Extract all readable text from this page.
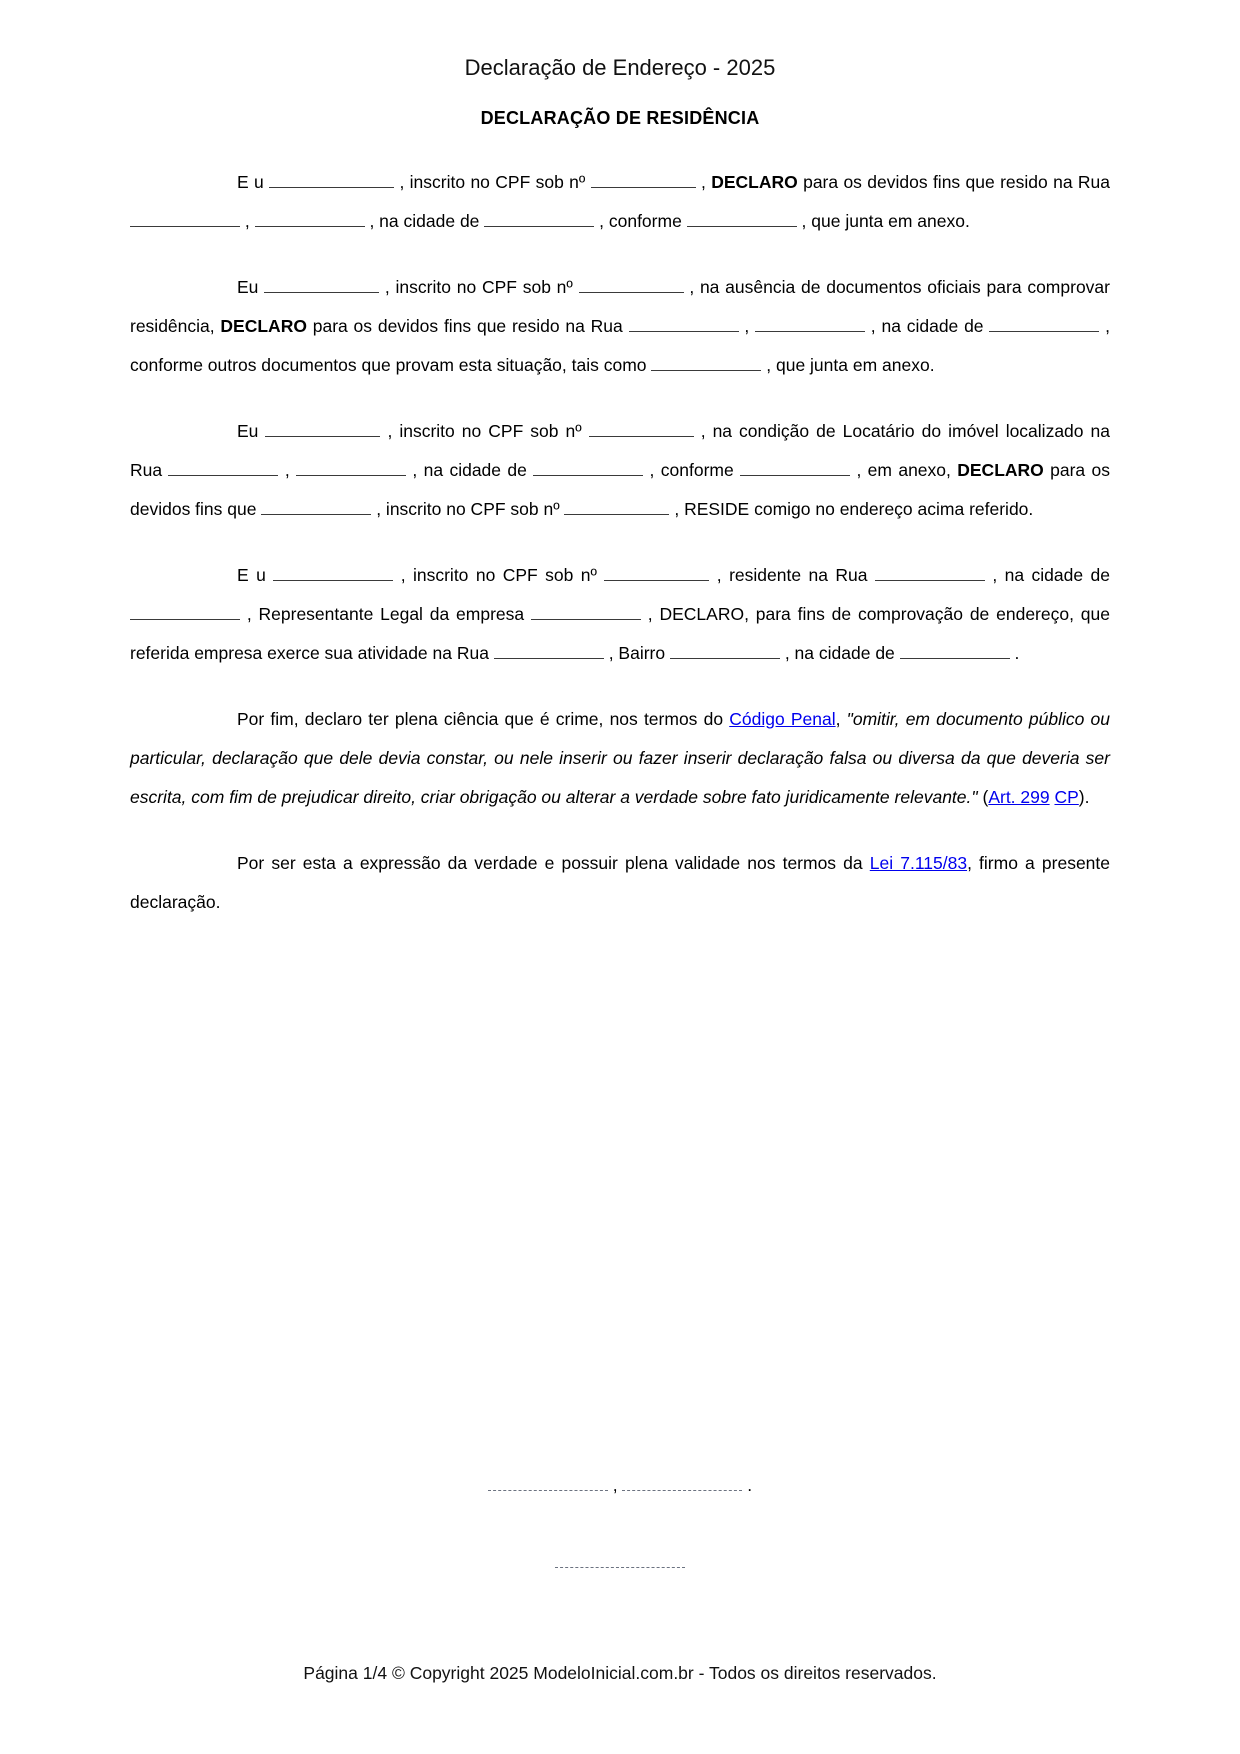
Declaração de Endereço - 2025
DECLARAÇÃO DE RESIDÊNCIA

E u	, inscrito no CPF sob nº	, DECLARO para os devidos fins que resido na Rua  ,	, na cidade de	, conforme	, que junta em anexo.

Eu	, inscrito no CPF sob nº	, na ausência de documentos oficiais para comprovar residência, DECLARO para os devidos fins que resido na Rua	,	, na cidade de	, conforme outros documentos que provam esta situação, tais como	, que junta em anexo.

Eu	, inscrito no CPF sob nº	, na condição de Locatário do imóvel localizado na Rua	,	, na cidade de	, conforme	, em anexo, DECLARO para os devidos fins que	, inscrito no CPF sob nº	, RESIDE comigo no endereço acima referido.

E u	, inscrito no CPF sob nº	, residente na Rua	, na cidade de  , Representante Legal da empresa	, DECLARO, para fins de comprovação de endereço, que referida empresa exerce sua atividade na Rua	, Bairro	, na cidade de	.

Por fim, declaro ter plena ciência que é crime, nos termos do Código Penal, "omitir, em documento público ou particular, declaração que dele devia constar, ou nele inserir ou fazer inserir declaração falsa ou diversa da que deveria ser escrita, com fim de prejudicar direito, criar obrigação ou alterar a verdade sobre fato juridicamente relevante." (Art. 299 CP).

Por ser esta a expressão da verdade e possuir plena validade nos termos da Lei 7.115/83, firmo a presente declaração.

,	.
Página 1/4 © Copyright 2025 ModeloInicial.com.br - Todos os direitos reservados.
